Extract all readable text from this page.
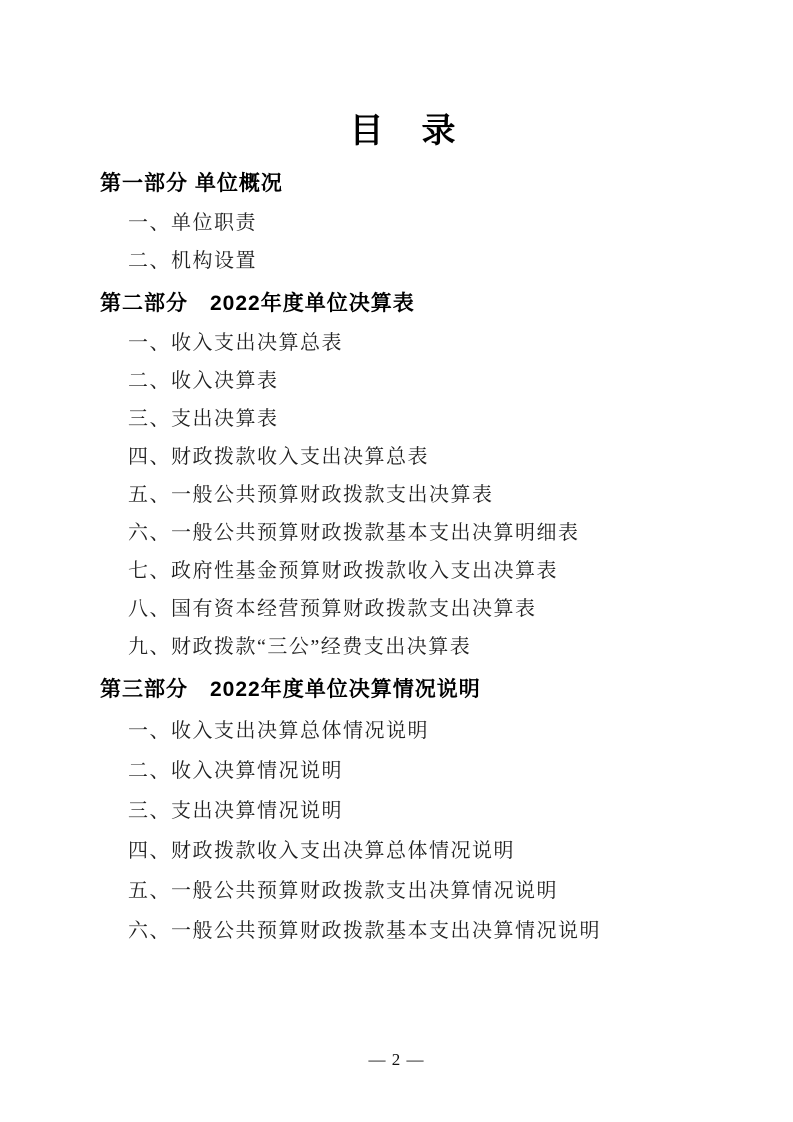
目　录
第一部分 单位概况
一、单位职责
二、机构设置
第二部分　2022年度单位决算表
一、收入支出决算总表
二、收入决算表
三、支出决算表
四、财政拨款收入支出决算总表
五、一般公共预算财政拨款支出决算表
六、一般公共预算财政拨款基本支出决算明细表
七、政府性基金预算财政拨款收入支出决算表
八、国有资本经营预算财政拨款支出决算表
九、财政拨款“三公”经费支出决算表
第三部分　2022年度单位决算情况说明
一、收入支出决算总体情况说明
二、收入决算情况说明
三、支出决算情况说明
四、财政拨款收入支出决算总体情况说明
五、一般公共预算财政拨款支出决算情况说明
六、一般公共预算财政拨款基本支出决算情况说明
— 2 —
